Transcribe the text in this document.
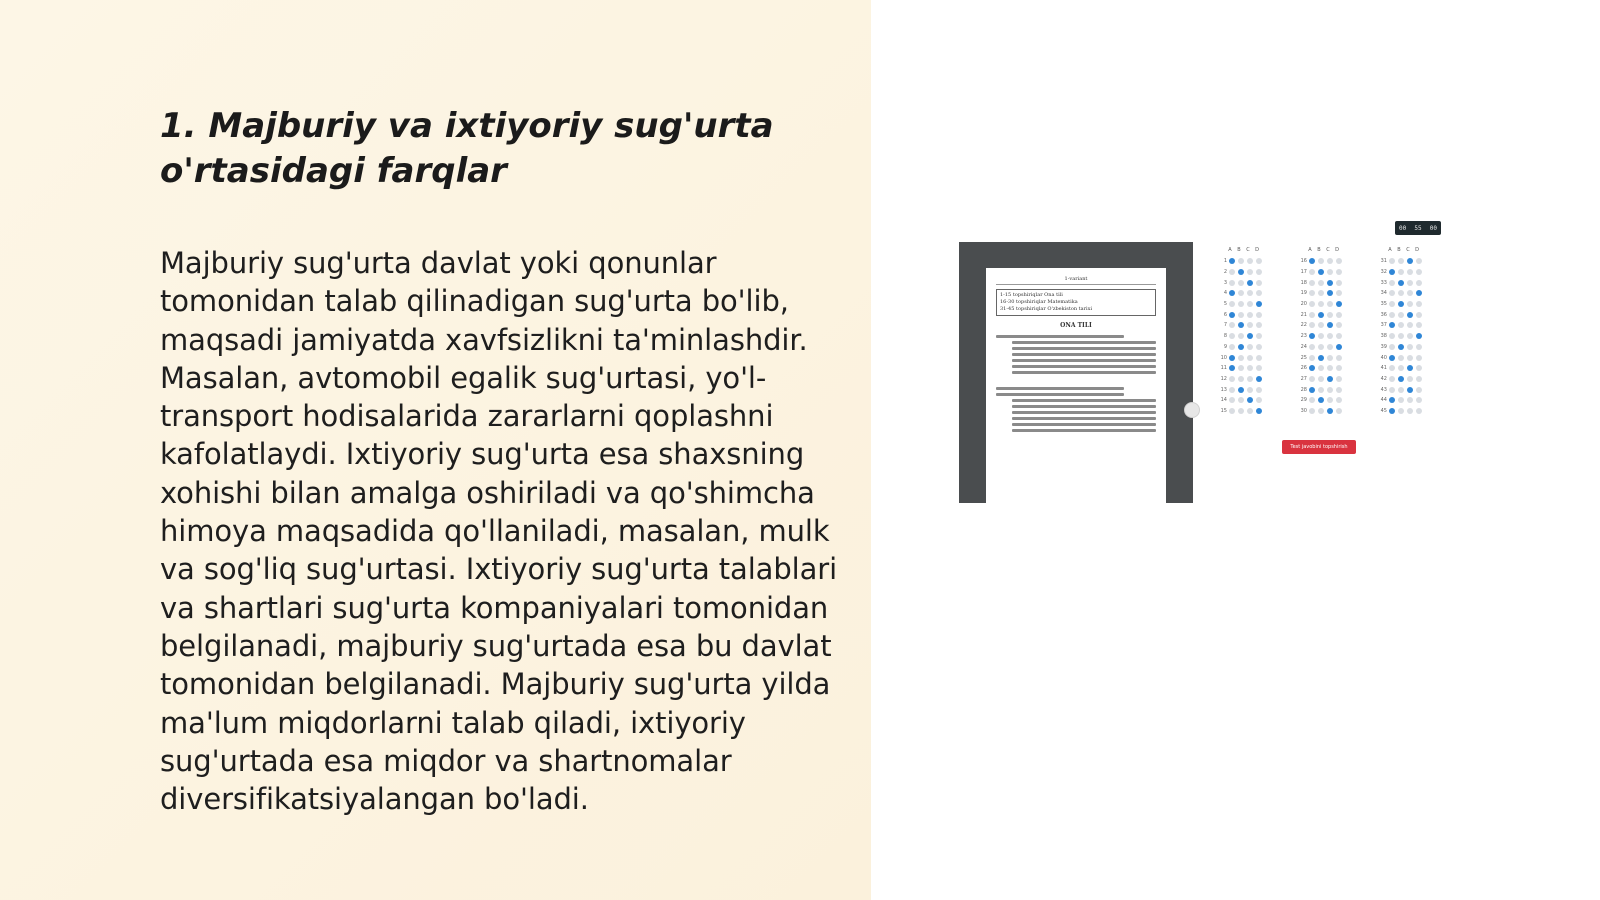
1. Majburiy va ixtiyoriy sug'urta o'rtasidagi farqlar

Majburiy sug'urta davlat yoki qonunlar tomonidan talab qilinadigan sug'urta bo'lib, maqsadi jamiyatda xavfsizlikni ta'minlashdir. Masalan, avtomobil egalik sug'urtasi, yo'l-transport hodisalarida zararlarni qoplashni kafolatlaydi. Ixtiyoriy sug'urta esa shaxsning xohishi bilan amalga oshiriladi va qo'shimcha himoya maqsadida qo'llaniladi, masalan, mulk va sog'liq sug'urtasi. Ixtiyoriy sug'urta talablari va shartlari sug'urta kompaniyalari tomonidan belgilanadi, majburiy sug'urtada esa bu davlat tomonidan belgilanadi. Majburiy sug'urta yilda ma'lum miqdorlarni talab qiladi, ixtiyoriy sug'urtada esa miqdor va shartnomalar diversifikatsiyalangan bo'ladi.

00 55 00
1-variant
1-15 topshiriqlar Ona tili
16-30 topshiriqlar Matematika
31-45 topshiriqlar O'zbekiston tarixi
ONA TILI
A B C D
1
2
3
4
5
6
7
8
9
10
11
12
13
14
15
A B C D
16
17
18
19
20
21
22
23
24
25
26
27
28
29
30
A B C D
31
32
33
34
35
36
37
38
39
40
41
42
43
44
45
Test javobini topshirish
